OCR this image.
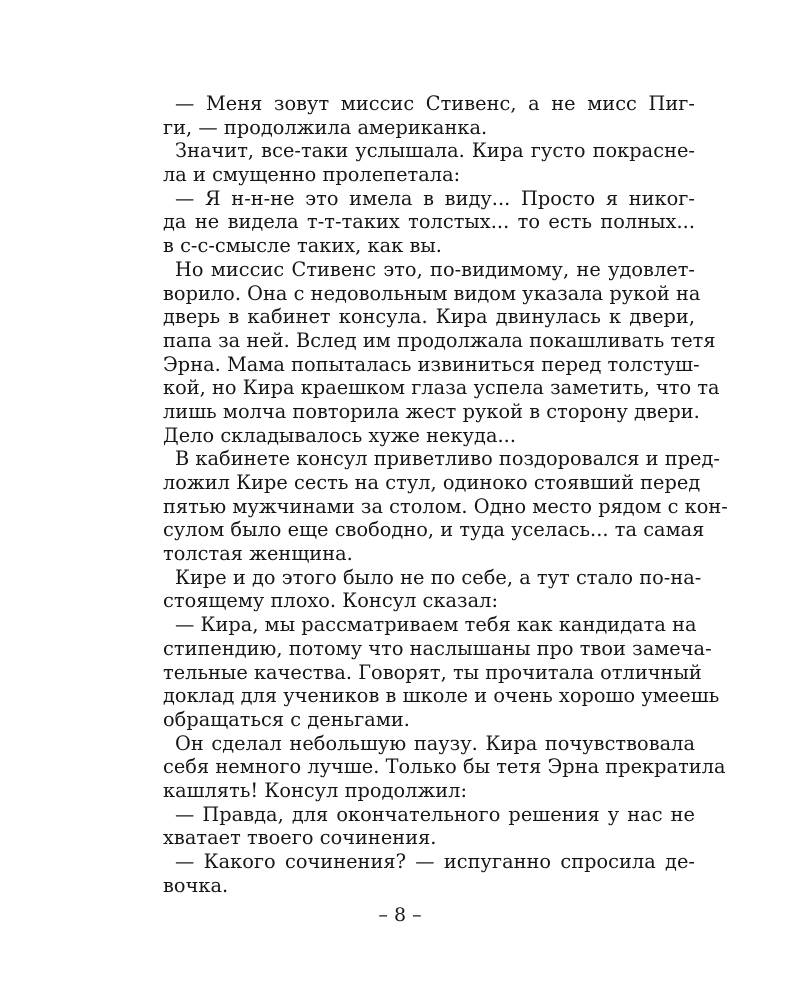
— Меня зовут миссис Стивенс, а не мисс Пиг-
ги, — продолжила американка.
Значит, все-таки услышала. Кира густо покрасне-
ла и смущенно пролепетала:
— Я н-н-не это имела в виду... Просто я никог-
да не видела т-т-таких толстых... то есть полных...
в с-с-смысле таких, как вы.
Но миссис Стивенс это, по-видимому, не удовлет-
ворило. Она с недовольным видом указала рукой на
дверь в кабинет консула. Кира двинулась к двери,
папа за ней. Вслед им продолжала покашливать тетя
Эрна. Мама попыталась извиниться перед толстуш-
кой, но Кира краешком глаза успела заметить, что та
лишь молча повторила жест рукой в сторону двери.
Дело складывалось хуже некуда...
В кабинете консул приветливо поздоровался и пред-
ложил Кире сесть на стул, одиноко стоявший перед
пятью мужчинами за столом. Одно место рядом с кон-
сулом было еще свободно, и туда уселась... та самая
толстая женщина.
Кире и до этого было не по себе, а тут стало по-на-
стоящему плохо. Консул сказал:
— Кира, мы рассматриваем тебя как кандидата на
стипендию, потому что наслышаны про твои замеча-
тельные качества. Говорят, ты прочитала отличный
доклад для учеников в школе и очень хорошо умеешь
обращаться с деньгами.
Он сделал небольшую паузу. Кира почувствовала
себя немного лучше. Только бы тетя Эрна прекратила
кашлять! Консул продолжил:
— Правда, для окончательного решения у нас не
хватает твоего сочинения.
— Какого сочинения? — испуганно спросила де-
вочка.
– 8 –
